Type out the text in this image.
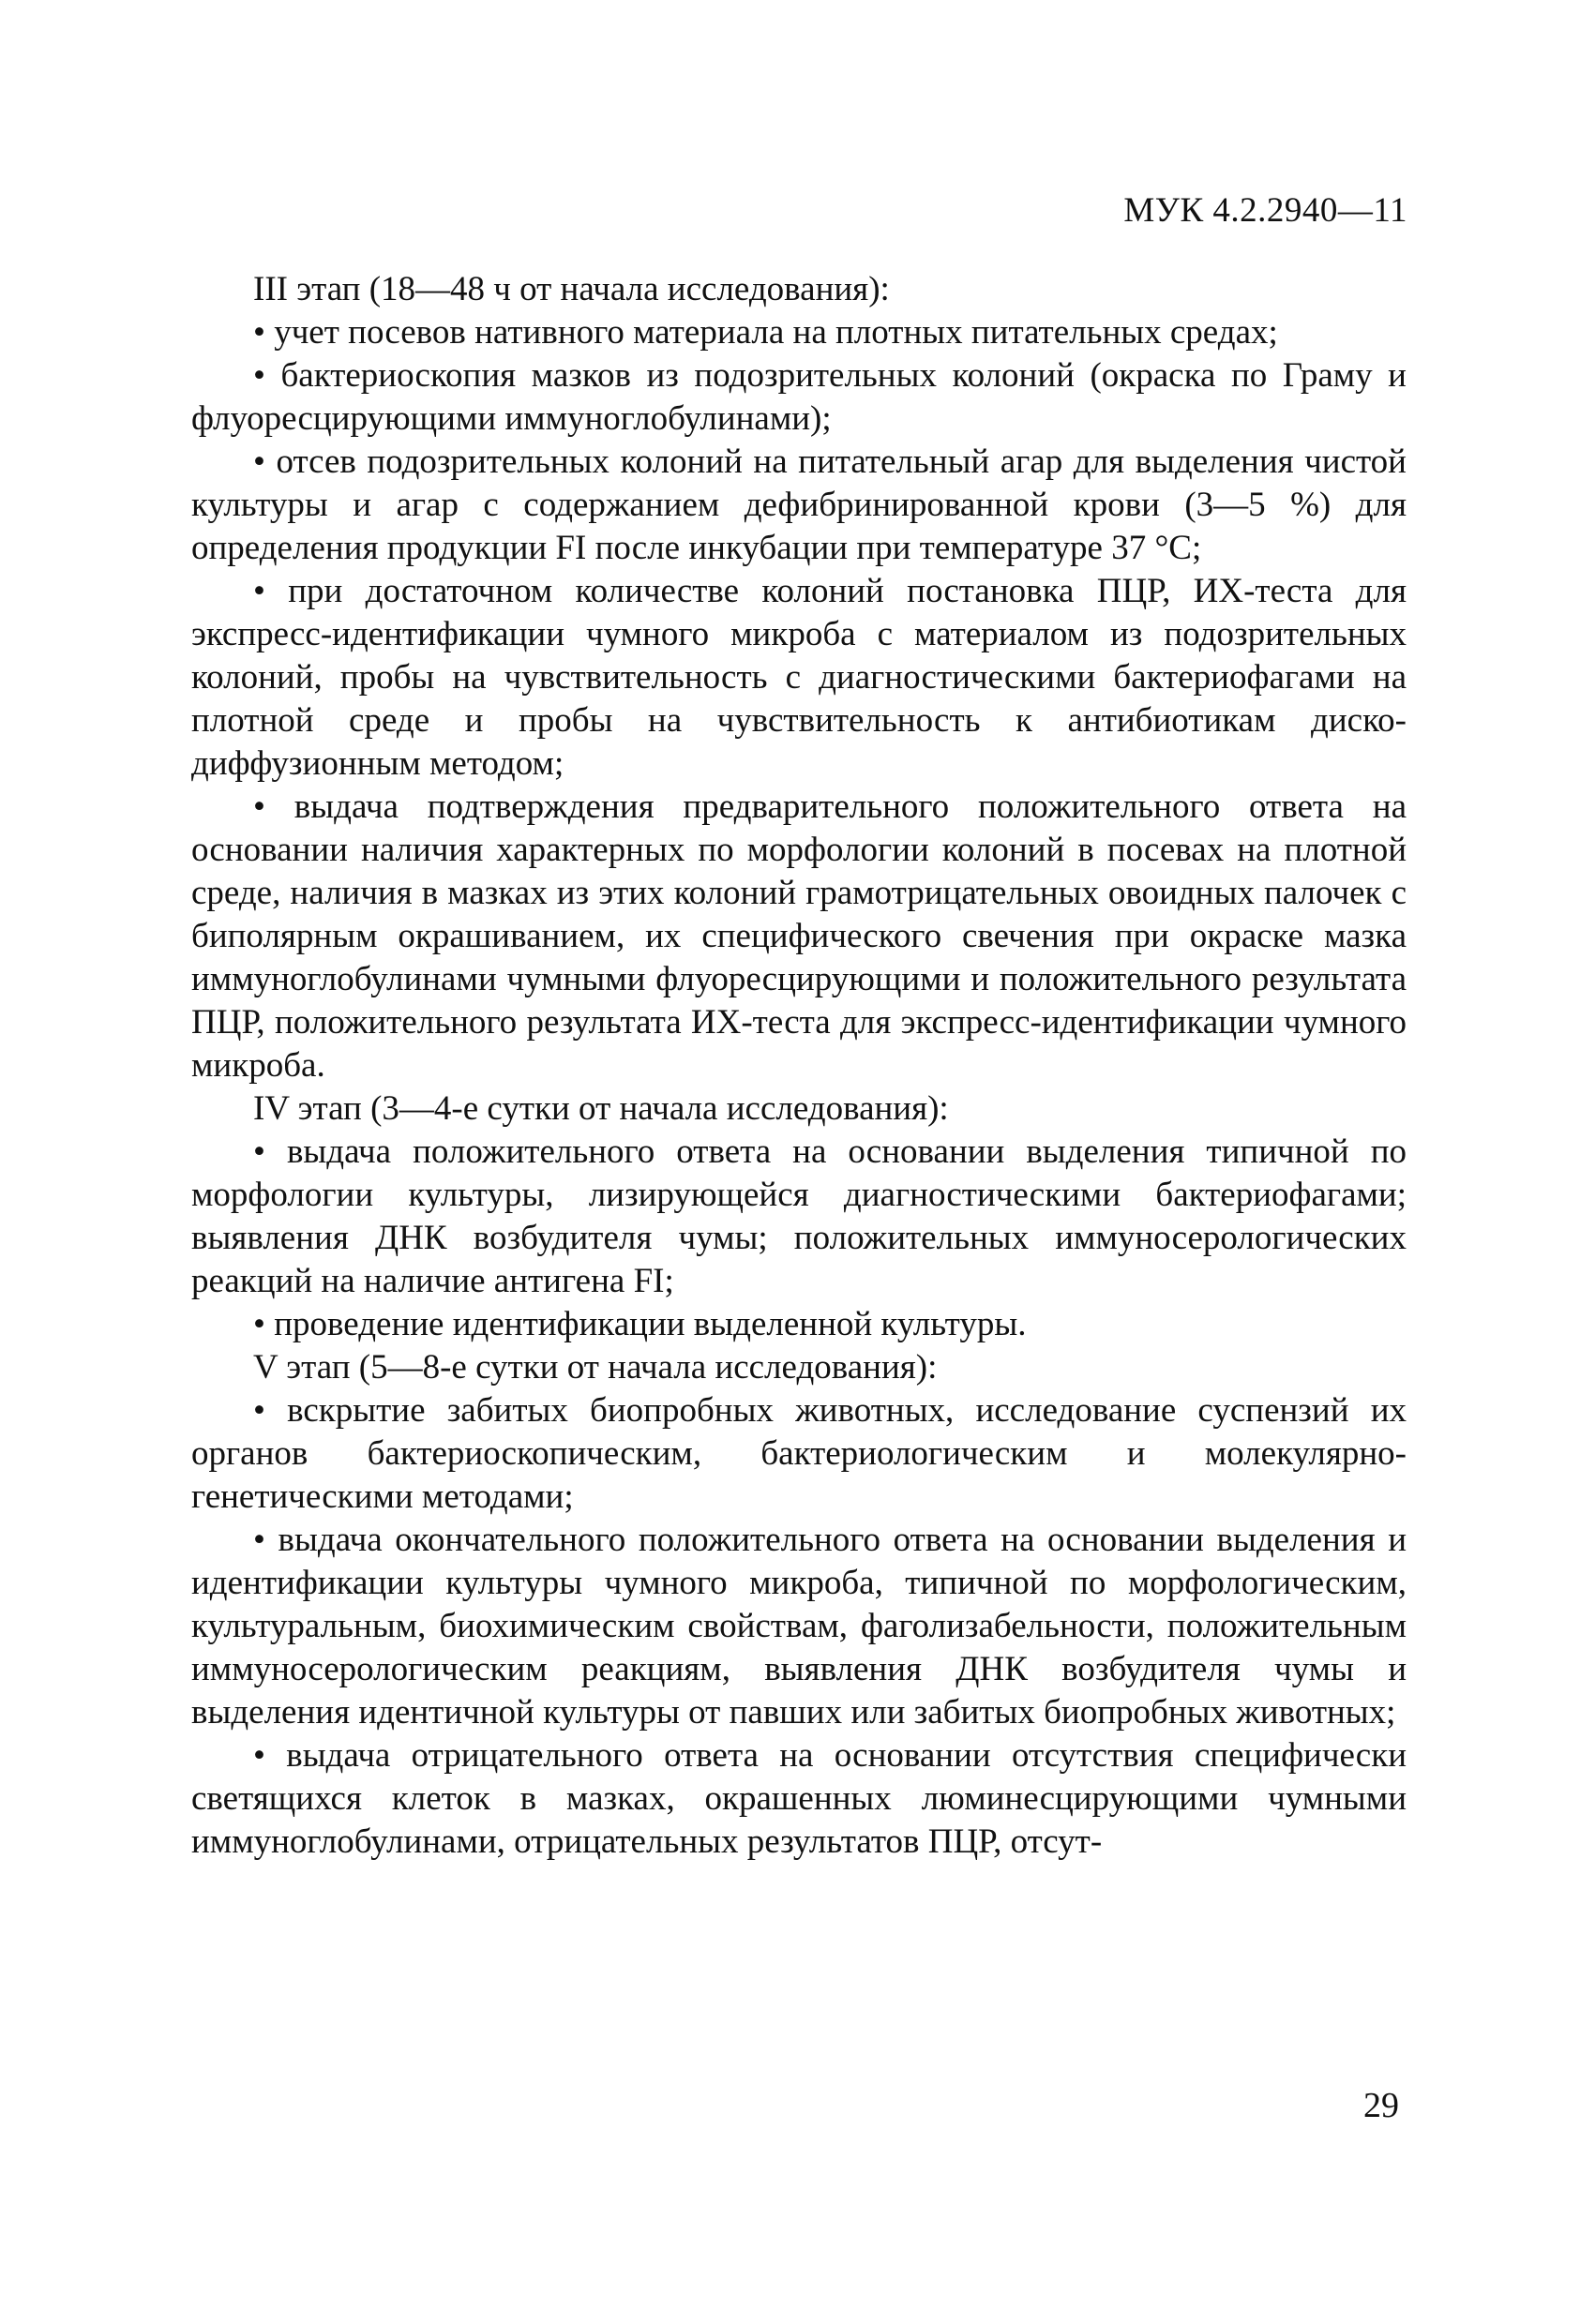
МУК 4.2.2940—11

III этап (18—48 ч от начала исследования):

• учет посевов нативного материала на плотных питательных средах;

• бактериоскопия мазков из подозрительных колоний (окраска по Граму и флуоресцирующими иммуноглобулинами);

• отсев подозрительных колоний на питательный агар для выделения чистой культуры и агар с содержанием дефибринированной крови (3—5 %) для определения продукции FI после инкубации при температуре 37 °С;

• при достаточном количестве колоний постановка ПЦР, ИХ-теста для экспресс-идентификации чумного микроба с материалом из подозрительных колоний, пробы на чувствительность с диагностическими бактериофагами на плотной среде и пробы на чувствительность к антибиотикам диско-диффузионным методом;

• выдача подтверждения предварительного положительного ответа на основании наличия характерных по морфологии колоний в посевах на плотной среде, наличия в мазках из этих колоний грамотрицательных овоидных палочек с биполярным окрашиванием, их специфического свечения при окраске мазка иммуноглобулинами чумными флуоресцирующими и положительного результата ПЦР, положительного результата ИХ-теста для экспресс-идентификации чумного микроба.

IV этап (3—4-е сутки от начала исследования):

• выдача положительного ответа на основании выделения типичной по морфологии культуры, лизирующейся диагностическими бактериофагами; выявления ДНК возбудителя чумы; положительных иммуносерологических реакций на наличие антигена FI;

• проведение идентификации выделенной культуры.

V этап (5—8-е сутки от начала исследования):

• вскрытие забитых биопробных животных, исследование суспензий их органов бактериоскопическим, бактериологическим и молекулярно-генетическими методами;

• выдача окончательного положительного ответа на основании выделения и идентификации культуры чумного микроба, типичной по морфологическим, культуральным, биохимическим свойствам, фаголизабельности, положительным иммуносерологическим реакциям, выявления ДНК возбудителя чумы и выделения идентичной культуры от павших или забитых биопробных животных;

• выдача отрицательного ответа на основании отсутствия специфически светящихся клеток в мазках, окрашенных люминесцирующими чумными иммуноглобулинами, отрицательных результатов ПЦР, отсут-

29
